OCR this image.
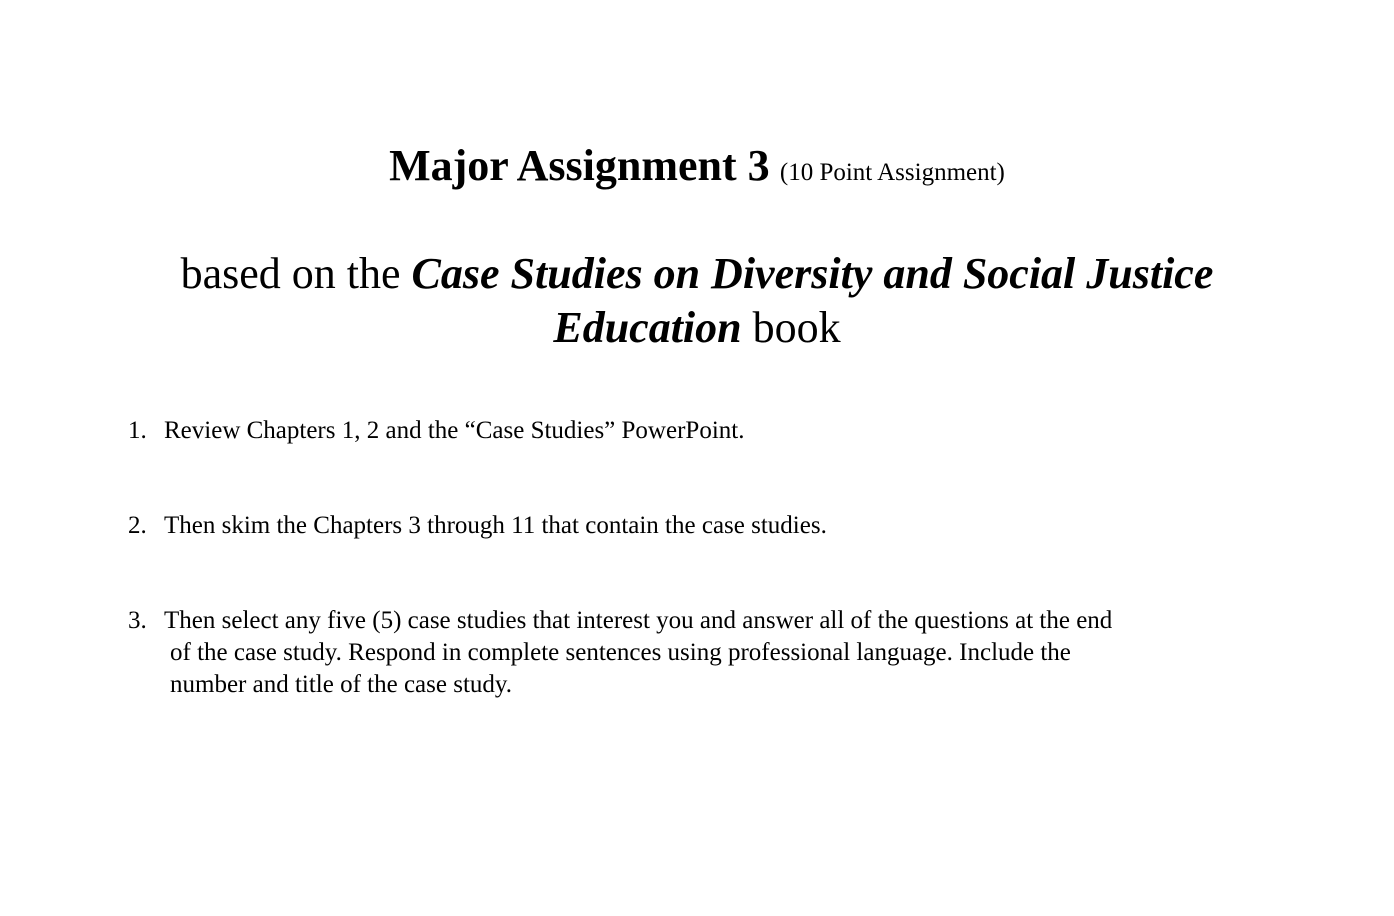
Major Assignment 3 (10 Point Assignment)
based on the Case Studies on Diversity and Social Justice
Education book
1. Review Chapters 1, 2 and the “Case Studies” PowerPoint.
2. Then skim the Chapters 3 through 11 that contain the case studies.
3. Then select any five (5) case studies that interest you and answer all of the questions at the end
of the case study. Respond in complete sentences using professional language. Include the
number and title of the case study.
